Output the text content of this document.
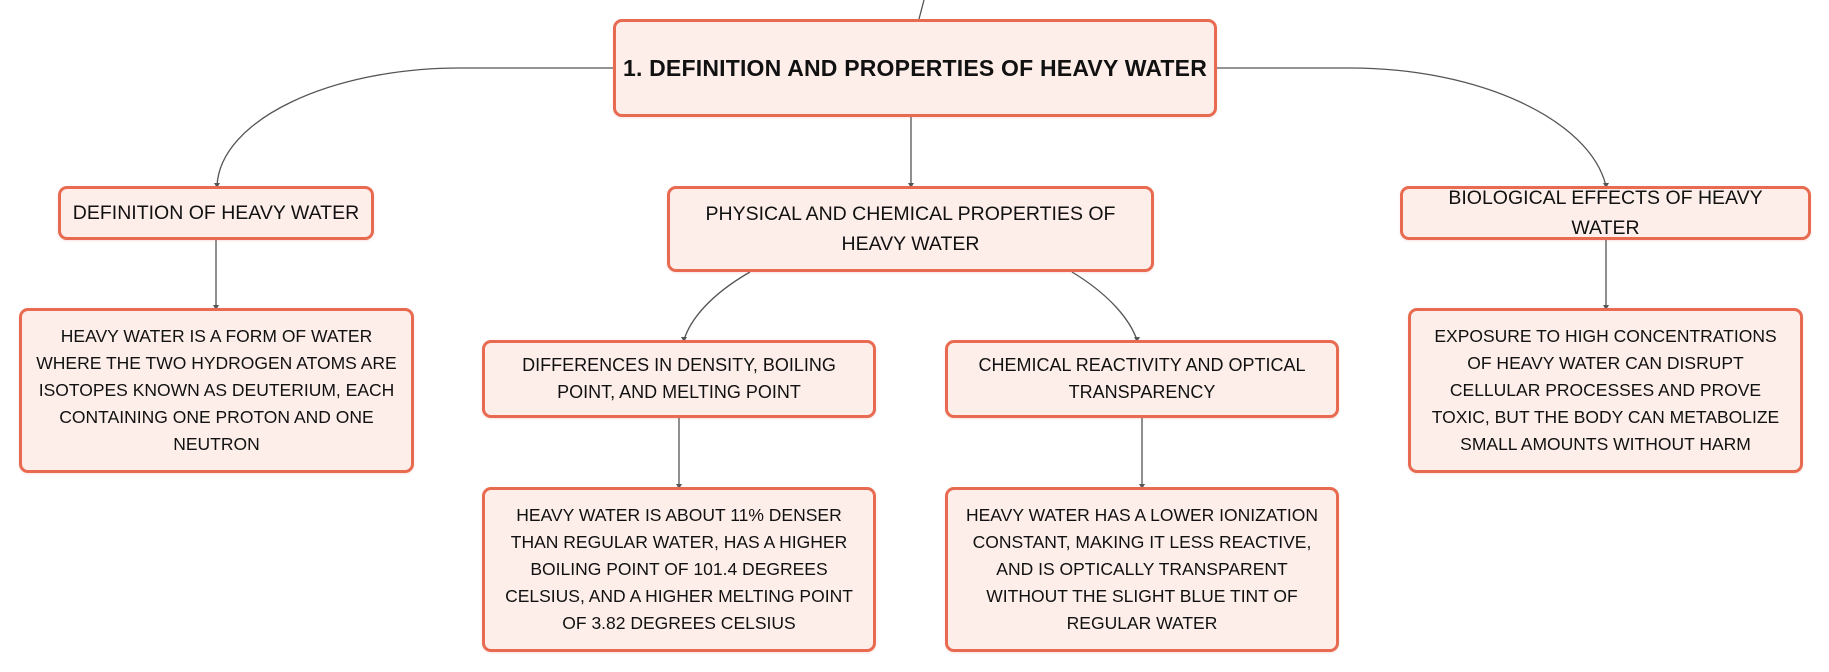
1. DEFINITION AND PROPERTIES OF HEAVY WATER
DEFINITION OF HEAVY WATER	PHYSICAL AND CHEMICAL PROPERTIES OF HEAVY WATER
BIOLOGICAL EFFECTS OF HEAVY WATER
HEAVY WATER IS A FORM OF WATER WHERE THE TWO HYDROGEN ATOMS ARE ISOTOPES KNOWN AS DEUTERIUM, EACH CONTAINING ONE PROTON AND ONE NEUTRON
DIFFERENCES IN DENSITY, BOILING POINT, AND MELTING POINT
CHEMICAL REACTIVITY AND OPTICAL TRANSPARENCY
HEAVY WATER IS ABOUT 11% DENSER THAN REGULAR WATER, HAS A HIGHER BOILING POINT OF 101.4 DEGREES CELSIUS, AND A HIGHER MELTING POINT OF 3.82 DEGREES CELSIUS
HEAVY WATER HAS A LOWER IONIZATION CONSTANT, MAKING IT LESS REACTIVE, AND IS OPTICALLY TRANSPARENT WITHOUT THE SLIGHT BLUE TINT OF REGULAR WATER
EXPOSURE TO HIGH CONCENTRATIONS OF HEAVY WATER CAN DISRUPT CELLULAR PROCESSES AND PROVE TOXIC, BUT THE BODY CAN METABOLIZE SMALL AMOUNTS WITHOUT HARM
